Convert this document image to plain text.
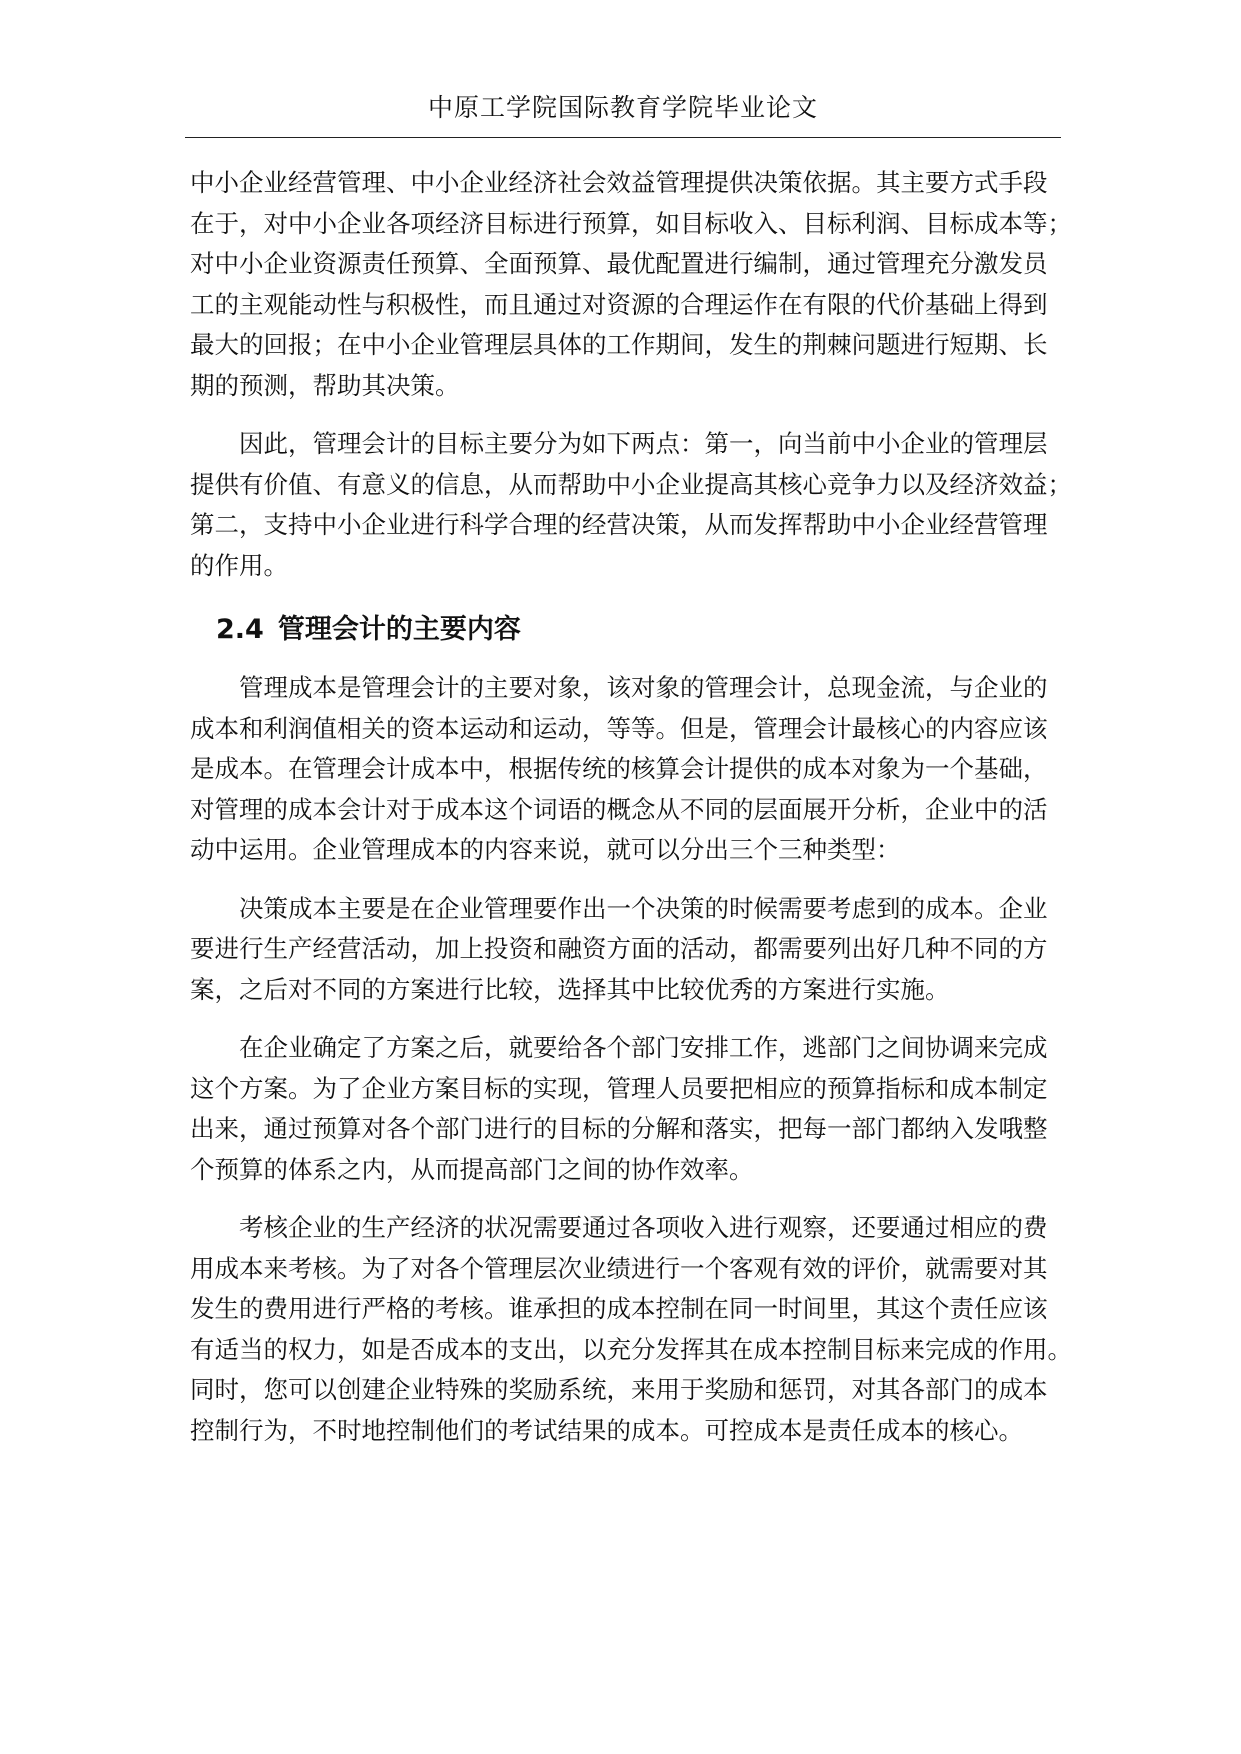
中原工学院国际教育学院毕业论文

中小企业经营管理、中小企业经济社会效益管理提供决策依据。其主要方式手段
在于，对中小企业各项经济目标进行预算，如目标收入、目标利润、目标成本等；
对中小企业资源责任预算、全面预算、最优配置进行编制，通过管理充分激发员
工的主观能动性与积极性，而且通过对资源的合理运作在有限的代价基础上得到
最大的回报；在中小企业管理层具体的工作期间，发生的荆棘问题进行短期、长
期的预测，帮助其决策。

　　因此，管理会计的目标主要分为如下两点：第一，向当前中小企业的管理层
提供有价值、有意义的信息，从而帮助中小企业提高其核心竞争力以及经济效益；
第二，支持中小企业进行科学合理的经营决策，从而发挥帮助中小企业经营管理
的作用。

2.4 管理会计的主要内容

　　管理成本是管理会计的主要对象，该对象的管理会计，总现金流，与企业的
成本和利润值相关的资本运动和运动，等等。但是，管理会计最核心的内容应该
是成本。在管理会计成本中，根据传统的核算会计提供的成本对象为一个基础，
对管理的成本会计对于成本这个词语的概念从不同的层面展开分析，企业中的活
动中运用。企业管理成本的内容来说，就可以分出三个三种类型：

　　决策成本主要是在企业管理要作出一个决策的时候需要考虑到的成本。企业
要进行生产经营活动，加上投资和融资方面的活动，都需要列出好几种不同的方
案，之后对不同的方案进行比较，选择其中比较优秀的方案进行实施。

　　在企业确定了方案之后，就要给各个部门安排工作，逃部门之间协调来完成
这个方案。为了企业方案目标的实现，管理人员要把相应的预算指标和成本制定
出来，通过预算对各个部门进行的目标的分解和落实，把每一部门都纳入发哦整
个预算的体系之内，从而提高部门之间的协作效率。

　　考核企业的生产经济的状况需要通过各项收入进行观察，还要通过相应的费
用成本来考核。为了对各个管理层次业绩进行一个客观有效的评价，就需要对其
发生的费用进行严格的考核。谁承担的成本控制在同一时间里，其这个责任应该
有适当的权力，如是否成本的支出，以充分发挥其在成本控制目标来完成的作用。
同时，您可以创建企业特殊的奖励系统，来用于奖励和惩罚，对其各部门的成本
控制行为，不时地控制他们的考试结果的成本。可控成本是责任成本的核心。
